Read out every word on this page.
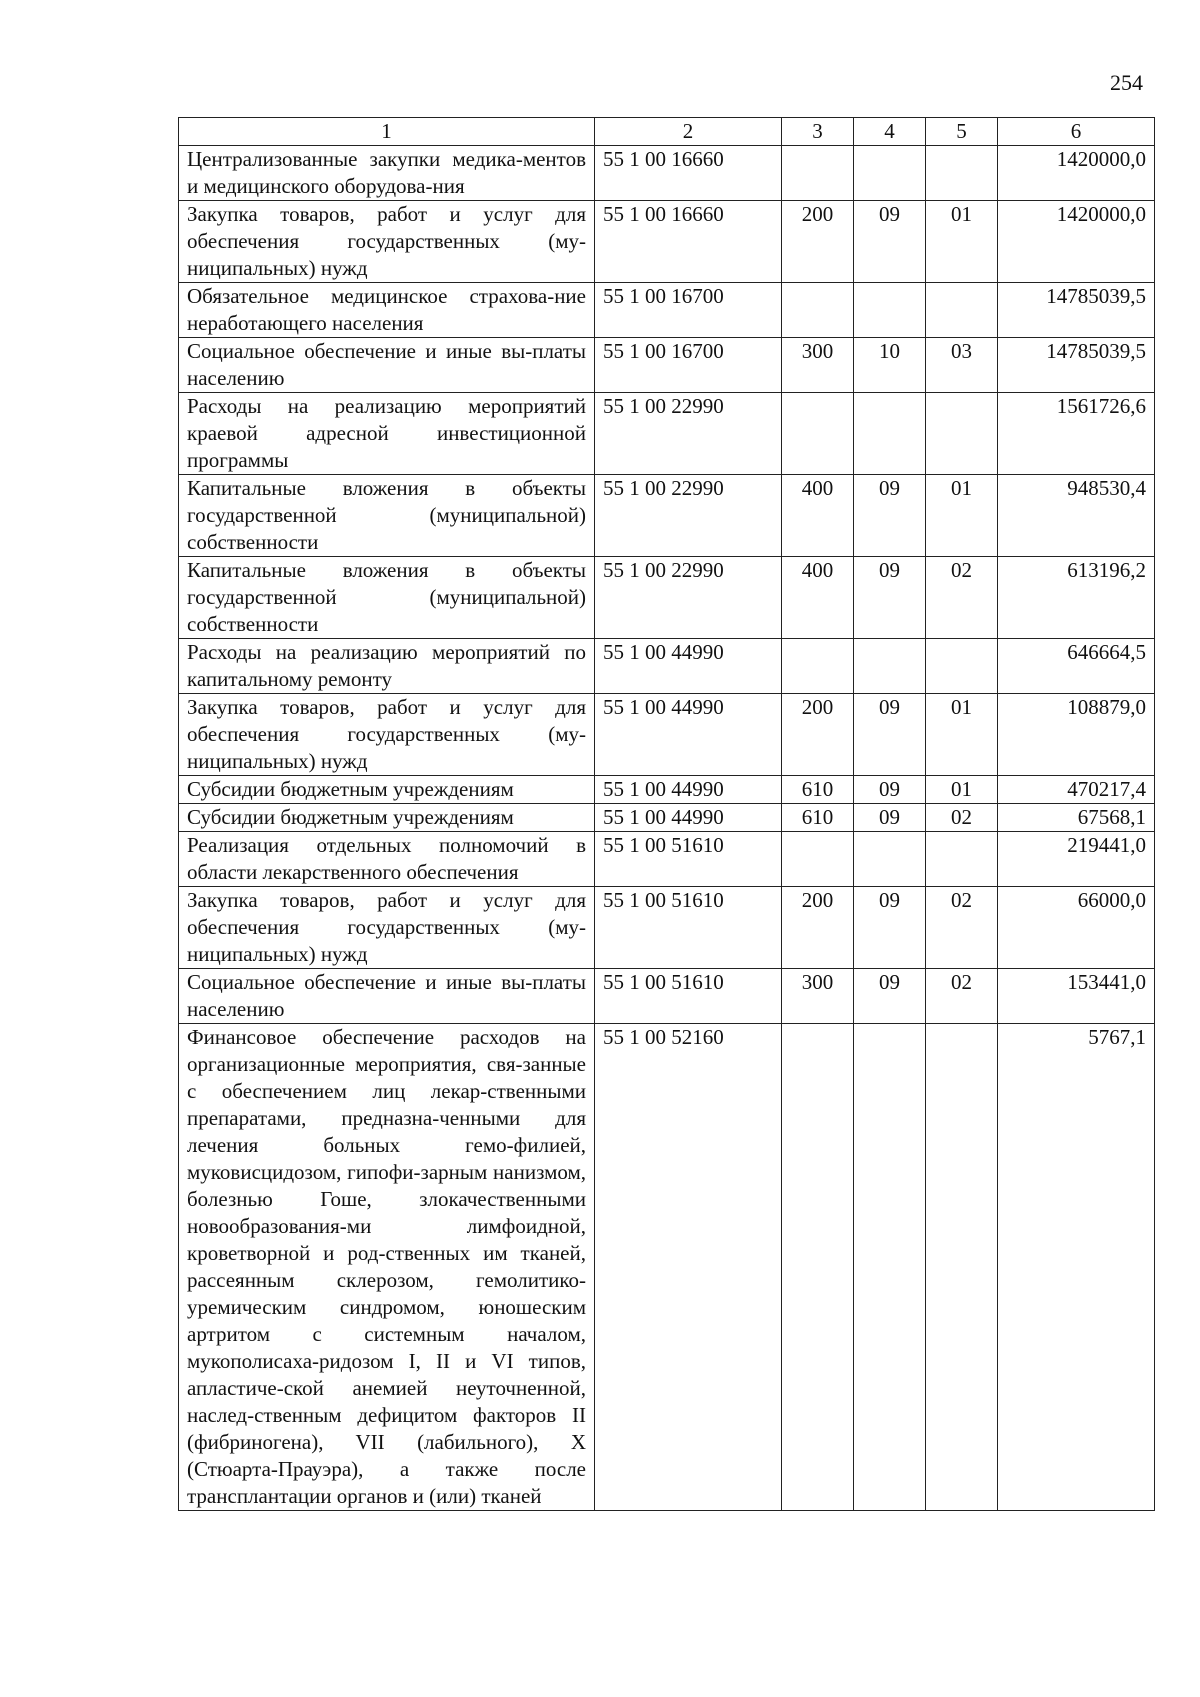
254
1	2	3	4	5	6
Централизованные закупки медика-ментов и медицинского оборудова-ния	55 1 00 16660				1420000,0
Закупка товаров, работ и услуг для обеспечения государственных (му-ниципальных) нужд	55 1 00 16660	200	09	01	1420000,0
Обязательное медицинское страхова-ние неработающего населения	55 1 00 16700				14785039,5
Социальное обеспечение и иные вы-платы населению	55 1 00 16700	300	10	03	14785039,5
Расходы на реализацию мероприятий краевой адресной инвестиционной программы	55 1 00 22990				1561726,6
Капитальные вложения в объекты государственной (муниципальной) собственности	55 1 00 22990	400	09	01	948530,4
Капитальные вложения в объекты государственной (муниципальной) собственности	55 1 00 22990	400	09	02	613196,2
Расходы на реализацию мероприятий по капитальному ремонту	55 1 00 44990				646664,5
Закупка товаров, работ и услуг для обеспечения государственных (му-ниципальных) нужд	55 1 00 44990	200	09	01	108879,0
Субсидии бюджетным учреждениям	55 1 00 44990	610	09	01	470217,4
Субсидии бюджетным учреждениям	55 1 00 44990	610	09	02	67568,1
Реализация отдельных полномочий в области лекарственного обеспечения	55 1 00 51610				219441,0
Закупка товаров, работ и услуг для обеспечения государственных (му-ниципальных) нужд	55 1 00 51610	200	09	02	66000,0
Социальное обеспечение и иные вы-платы населению	55 1 00 51610	300	09	02	153441,0
Финансовое обеспечение расходов на организационные мероприятия, свя-занные с обеспечением лиц лекар-ственными препаратами, предназна-ченными для лечения больных гемо-филией, муковисцидозом, гипофи-зарным нанизмом, болезнью Гоше, злокачественными новообразования-ми лимфоидной, кроветворной и род-ственных им тканей, рассеянным склерозом, гемолитико-уремическим синдромом, юношеским артритом с системным началом, мукополисаха-ридозом I, II и VI типов, апластиче-ской анемией неуточненной, наслед-ственным дефицитом факторов II (фибриногена), VII (лабильного), X (Стюарта-Прауэра), а также после трансплантации органов и (или) тканей	55 1 00 52160				5767,1
